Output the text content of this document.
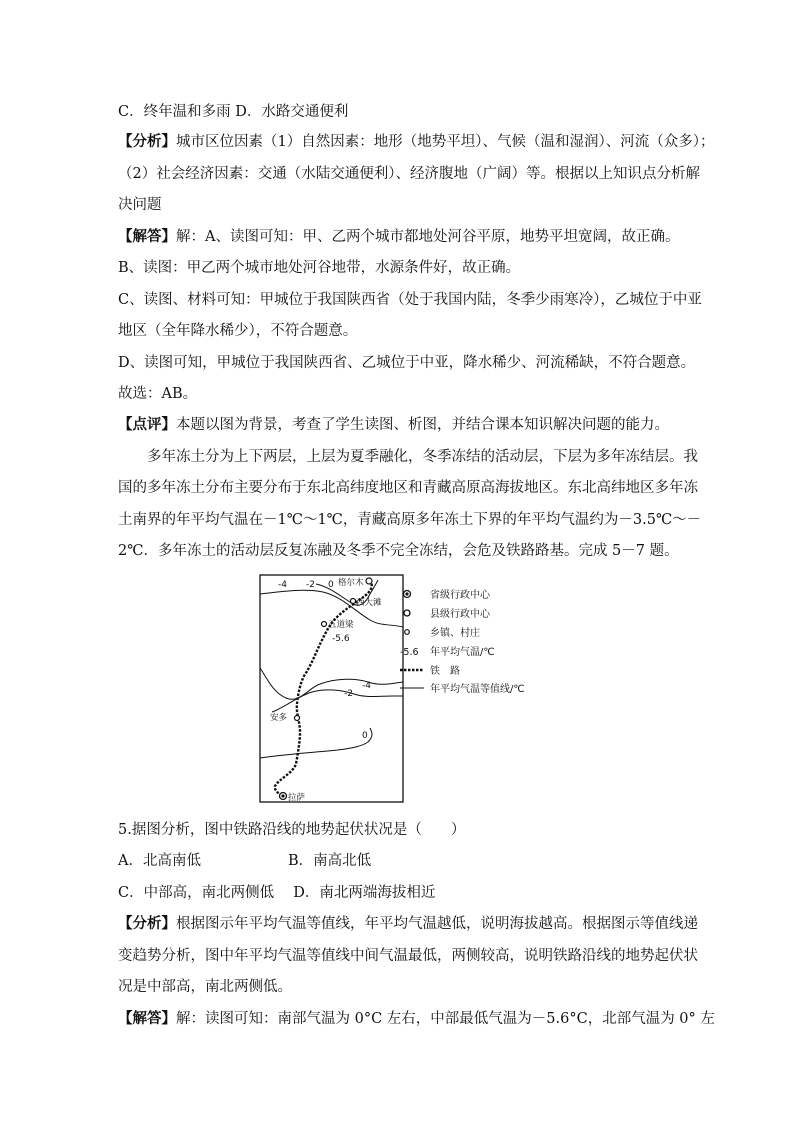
C．终年温和多雨 D．水路交通便利
【分析】城市区位因素（1）自然因素：地形（地势平坦）、气候（温和湿润）、河流（众多）；
（2）社会经济因素：交通（水陆交通便利）、经济腹地（广阔）等。根据以上知识点分析解
决问题
【解答】解：A、读图可知：甲、乙两个城市都地处河谷平原，地势平坦宽阔，故正确。
B、读图：甲乙两个城市地处河谷地带，水源条件好，故正确。
C、读图、材料可知：甲城位于我国陕西省（处于我国内陆，冬季少雨寒冷），乙城位于中亚
地区（全年降水稀少），不符合题意。
D、读图可知，甲城位于我国陕西省、乙城位于中亚，降水稀少、河流稀缺，不符合题意。
故选：AB。
【点评】本题以图为背景，考查了学生读图、析图，并结合课本知识解决问题的能力。
　　多年冻土分为上下两层，上层为夏季融化，冬季冻结的活动层，下层为多年冻结层。我
国的多年冻土分布主要分布于东北高纬度地区和青藏高原高海拔地区。东北高纬地区多年冻
土南界的年平均气温在－1℃～1℃，青藏高原多年冻土下界的年平均气温约为－3.5℃～－
2℃．多年冻土的活动层反复冻融及冬季不完全冻结，会危及铁路路基。完成 5－7 题。
-4 -2 0
-2
-4
0
格尔木
西大滩
五道梁
-5.6
安多
拉萨
省级行政中心
县级行政中心
乡镇、村庄
-5.6 年平均气温/℃
铁　路
年平均气温等值线/℃
5.据图分析，图中铁路沿线的地势起伏状况是（　　）
A．北高南低　　　　　　B．南高北低
C．中部高，南北两侧低　 D．南北两端海拔相近
【分析】根据图示年平均气温等值线，年平均气温越低，说明海拔越高。根据图示等值线递
变趋势分析，图中年平均气温等值线中间气温最低，两侧较高，说明铁路沿线的地势起伏状
况是中部高，南北两侧低。
【解答】解：读图可知：南部气温为 0°C 左右，中部最低气温为－5.6°C，北部气温为 0° 左
